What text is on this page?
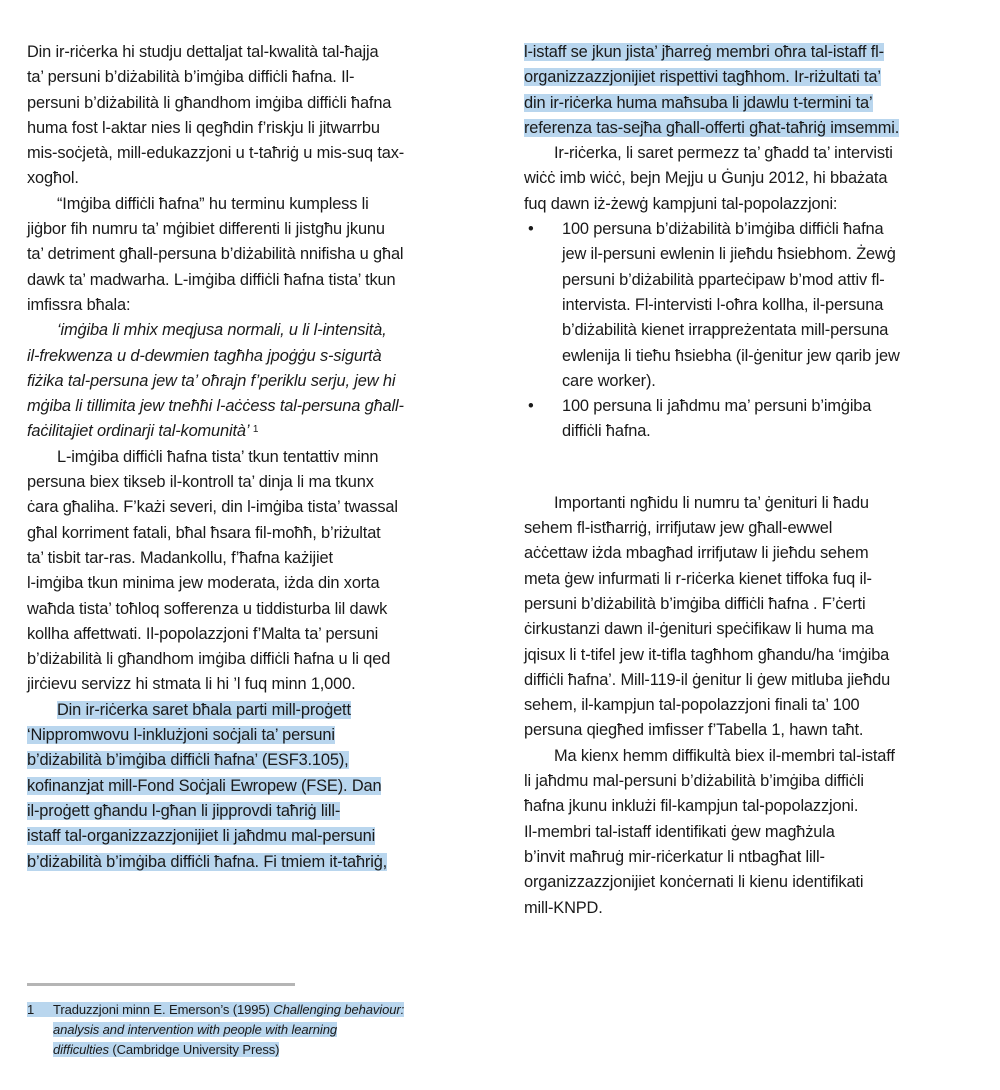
Din ir-riċerka hi studju dettaljat tal-kwalità tal-ħajja
ta’ persuni b’diżabilità b’imġiba diffiċli ħafna. Il-
persuni b’diżabilità li għandhom imġiba diffiċli ħafna
huma fost l-aktar nies li qegħdin f’riskju li jitwarrbu
mis-soċjetà, mill-edukazzjoni u t-taħriġ u mis-suq tax-
xogħol.
“Imġiba diffiċli ħafna” hu terminu kumpless li
jiġbor fih numru ta’ mġibiet differenti li jistgħu jkunu
ta’ detriment għall-persuna b’diżabilità nnifisha u għal
dawk ta’ madwarha. L-imġiba diffiċli ħafna tista’ tkun
imfissra bħala:
‘imġiba li mhix meqjusa normali, u li l-intensità,
il-frekwenza u d-dewmien tagħha jpoġġu s-sigurtà
fiżika tal-persuna jew ta’ oħrajn f’periklu serju, jew hi
mġiba li tillimita jew tneħħi l-aċċess tal-persuna għall-
faċilitajiet ordinarji tal-komunità’ $^1$
L-imġiba diffiċli ħafna tista’ tkun tentattiv minn
persuna biex tikseb il-kontroll ta’ dinja li ma tkunx
ċara għaliha. F’każi severi, din l-imġiba tista’ twassal
għal korriment fatali, bħal ħsara fil-moħħ, b’riżultat
ta’ tisbit tar-ras. Madankollu, f’ħafna każijiet
l-imġiba tkun minima jew moderata, iżda din xorta
waħda tista’ toħloq sofferenza u tiddisturba lil dawk
kollha affettwati. Il-popolazzjoni f’Malta ta’ persuni
b’diżabilità li għandhom imġiba diffiċli ħafna u li qed
jirċievu servizz hi stmata li hi ’l fuq minn 1,000.
Din ir-riċerka saret bħala parti mill-proġett
‘Nippromwovu l-inklużjoni soċjali ta’ persuni
b’diżabilità b’imġiba diffiċli ħafna’ (ESF3.105),
kofinanzjat mill-Fond Soċjali Ewropew (FSE). Dan
il-proġett għandu l-għan li jipprovdi taħriġ lill-
istaff tal-organizzazzjonijiet li jaħdmu mal-persuni
b’diżabilità b’imġiba diffiċli ħafna. Fi tmiem it-taħriġ,
1 Traduzzjoni minn E. Emerson’s (1995) Challenging behaviour:
analysis and intervention with people with learning
difficulties (Cambridge University Press)
l-istaff se jkun jista’ jħarreġ membri oħra tal-istaff fl-
organizzazzjonijiet rispettivi tagħhom. Ir-riżultati ta’
din ir-riċerka huma maħsuba li jdawlu t-termini ta’
referenza tas-sejħa għall-offerti għat-taħriġ imsemmi.
Ir-riċerka, li saret permezz ta’ għadd ta’ intervisti
wiċċ imb wiċċ, bejn Mejju u Ġunju 2012, hi bbażata
fuq dawn iż-żewġ kampjuni tal-popolazzjoni:
• 100 persuna b’diżabilità b’imġiba diffiċli ħafna
jew il-persuni ewlenin li jieħdu ħsiebhom. Żewġ
persuni b’diżabilità pparteċipaw b’mod attiv fl-
intervista. Fl-intervisti l-oħra kollha, il-persuna
b’diżabilità kienet irrappreżentata mill-persuna
ewlenija li tieħu ħsiebha (il-ġenitur jew qarib jew
care worker).
• 100 persuna li jaħdmu ma’ persuni b’imġiba
diffiċli ħafna.
Importanti ngħidu li numru ta’ ġenituri li ħadu
sehem fl-istħarriġ, irrifjutaw jew għall-ewwel
aċċettaw iżda mbagħad irrifjutaw li jieħdu sehem
meta ġew infurmati li r-riċerka kienet tiffoka fuq il-
persuni b’diżabilità b’imġiba diffiċli ħafna . F’ċerti
ċirkustanzi dawn il-ġenituri speċifikaw li huma ma
jqisux li t-tifel jew it-tifla tagħhom għandu/ha ‘imġiba
diffiċli ħafna’. Mill-119-il ġenitur li ġew mitluba jieħdu
sehem, il-kampjun tal-popolazzjoni finali ta’ 100
persuna qiegħed imfisser f’Tabella 1, hawn taħt.
Ma kienx hemm diffikultà biex il-membri tal-istaff
li jaħdmu mal-persuni b’diżabilità b’imġiba diffiċli
ħafna jkunu inklużi fil-kampjun tal-popolazzjoni.
Il-membri tal-istaff identifikati ġew magħżula
b’invit maħruġ mir-riċerkatur li ntbagħat lill-
organizzazzjonijiet konċernati li kienu identifikati
mill-KNPD.
